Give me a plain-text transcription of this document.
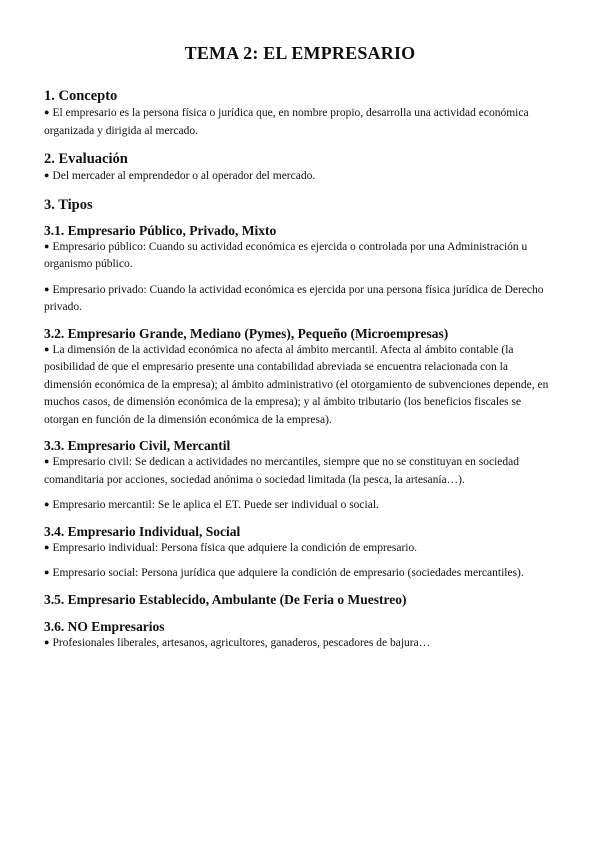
TEMA 2: EL EMPRESARIO
1. Concepto

● El empresario es la persona física o jurídica que, en nombre propio, desarrolla una actividad económica organizada y dirigida al mercado.

2. Evaluación

● Del mercader al emprendedor o al operador del mercado.

3. Tipos
3.1. Empresario Público, Privado, Mixto

● Empresario público: Cuando su actividad económica es ejercida o controlada por una Administración u organismo público.

● Empresario privado: Cuando la actividad económica es ejercida por una persona física jurídica de Derecho privado.

3.2. Empresario Grande, Mediano (Pymes), Pequeño (Microempresas)

● La dimensión de la actividad económica no afecta al ámbito mercantil. Afecta al ámbito contable (la posibilidad de que el empresario presente una contabilidad abreviada se encuentra relacionada con la dimensión económica de la empresa); al ámbito administrativo (el otorgamiento de subvenciones depende, en muchos casos, de dimensión económica de la empresa); y al ámbito tributario (los beneficios fiscales se otorgan en función de la dimensión económica de la empresa).

3.3. Empresario Civil, Mercantil

● Empresario civil: Se dedican a actividades no mercantiles, siempre que no se constituyan en sociedad comanditaria por acciones, sociedad anónima o sociedad limitada (la pesca, la artesanía…).

● Empresario mercantil: Se le aplica el ET. Puede ser individual o social.

3.4. Empresario Individual, Social

● Empresario individual: Persona física que adquiere la condición de empresario.

● Empresario social: Persona jurídica que adquiere la condición de empresario (sociedades mercantiles).

3.5. Empresario Establecido, Ambulante (De Feria o Muestreo)
3.6. NO Empresarios

● Profesionales liberales, artesanos, agricultores, ganaderos, pescadores de bajura…
